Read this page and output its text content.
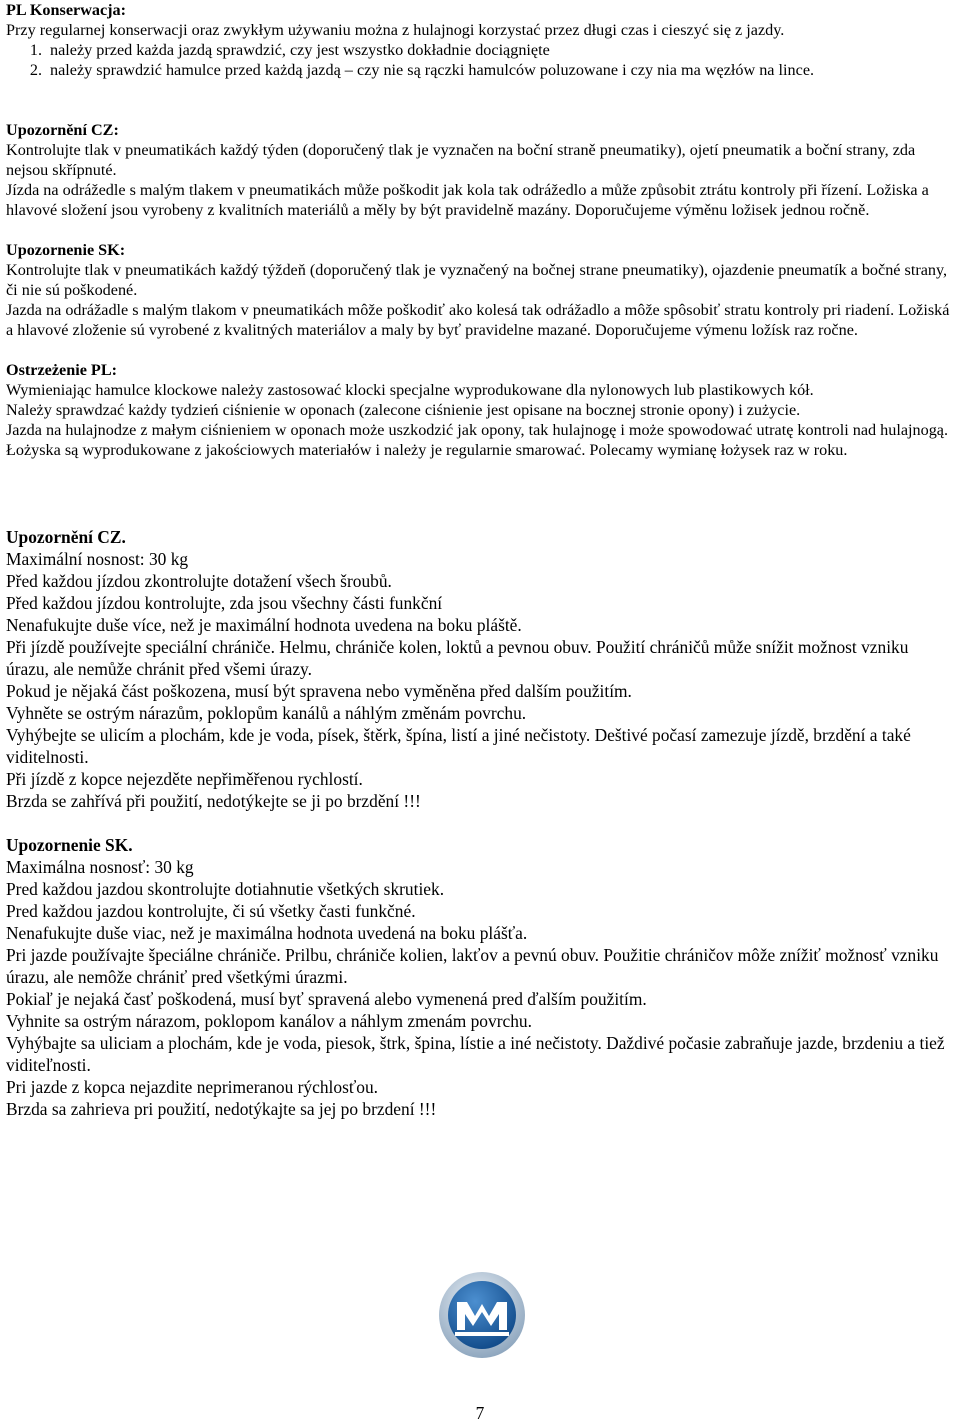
PL Konserwacja:

Przy regularnej konserwacji oraz zwykłym używaniu można z hulajnogi korzystać przez długi czas i cieszyć się z jazdy.

1. należy przed każda jazdą sprawdzić, czy jest wszystko dokładnie dociągnięte
2. należy sprawdzić hamulce przed każdą jazdą – czy nie są rączki hamulców poluzowane i czy nia ma węzłów na lince.

Upozornění CZ:

Kontrolujte tlak v pneumatikách každý týden (doporučený tlak je vyznačen na boční straně pneumatiky), ojetí pneumatik a boční strany, zda nejsou skřípnuté.

Jízda na odrážedle s malým tlakem v pneumatikách může poškodit jak kola tak odrážedlo a může způsobit ztrátu kontroly při řízení. Ložiska a hlavové složení jsou vyrobeny z kvalitních materiálů a měly by být pravidelně mazány. Doporučujeme výměnu ložisek jednou ročně.

Upozornenie SK:

Kontrolujte tlak v pneumatikách každý týždeň (doporučený tlak je vyznačený na bočnej strane pneumatiky), ojazdenie pneumatík a bočné strany, či nie sú poškodené.

Jazda na odrážadle s malým tlakom v pneumatikách môže poškodiť ako kolesá tak odrážadlo a môže spôsobiť stratu kontroly pri riadení. Ložiská a hlavové zloženie sú vyrobené z kvalitných materiálov a maly by byť pravidelne mazané. Doporučujeme výmenu ložísk raz ročne.

Ostrzeżenie PL:

Wymieniając hamulce klockowe należy zastosować klocki specjalne wyprodukowane dla nylonowych lub plastikowych kół.

Należy sprawdzać każdy tydzień ciśnienie w oponach (zalecone ciśnienie jest opisane na bocznej stronie opony) i zużycie.

Jazda na hulajnodze z małym ciśnieniem w oponach może uszkodzić jak opony, tak hulajnogę i może spowodować utratę kontroli nad hulajnogą. Łożyska są wyprodukowane z jakościowych materiałów i należy je regularnie smarować. Polecamy wymianę łożysek raz w roku.

Upozornění CZ.

Maximální nosnost: 30 kg

Před každou jízdou zkontrolujte dotažení všech šroubů.

Před každou jízdou kontrolujte, zda jsou všechny části funkční

Nenafukujte duše více, než je maximální hodnota uvedena na boku pláště.

Při jízdě používejte speciální chrániče. Helmu, chrániče kolen, loktů a pevnou obuv. Použití chráničů může snížit možnost vzniku úrazu, ale nemůže chránit před všemi úrazy.

Pokud je nějaká část poškozena, musí být spravena nebo vyměněna před dalším použitím.

Vyhněte se ostrým nárazům, poklopům kanálů a náhlým změnám povrchu.

Vyhýbejte se ulicím a plochám, kde je voda, písek, štěrk, špína, listí a jiné nečistoty. Deštivé počasí zamezuje jízdě, brzdění a také viditelnosti.

Při jízdě z kopce nejezděte nepřiměřenou rychlostí.

Brzda se zahřívá při použití, nedotýkejte se ji po brzdění !!!

Upozornenie SK.

Maximálna nosnosť: 30 kg

Pred každou jazdou skontrolujte dotiahnutie všetkých skrutiek.

Pred každou jazdou kontrolujte, či sú všetky časti funkčné.

Nenafukujte duše viac, než je maximálna hodnota uvedená na boku plášťa.

Pri jazde používajte špeciálne chrániče. Prilbu, chrániče kolien, lakťov a pevnú obuv. Použitie chráničov môže znížiť možnosť vzniku úrazu, ale nemôže chrániť pred všetkými úrazmi.

Pokiaľ je nejaká časť poškodená, musí byť spravená alebo vymenená pred ďalším použitím.

Vyhnite sa ostrým nárazom, poklopom kanálov a náhlym zmenám povrchu.

Vyhýbajte sa uliciam a plochám, kde je voda, piesok, štrk, špina, lístie a iné nečistoty. Daždivé počasie zabraňuje jazde, brzdeniu a tiež viditeľnosti.

Pri jazde z kopca nejazdite neprimeranou rýchlosťou.

Brzda sa zahrieva pri použití, nedotýkajte sa jej po brzdení !!!

7
